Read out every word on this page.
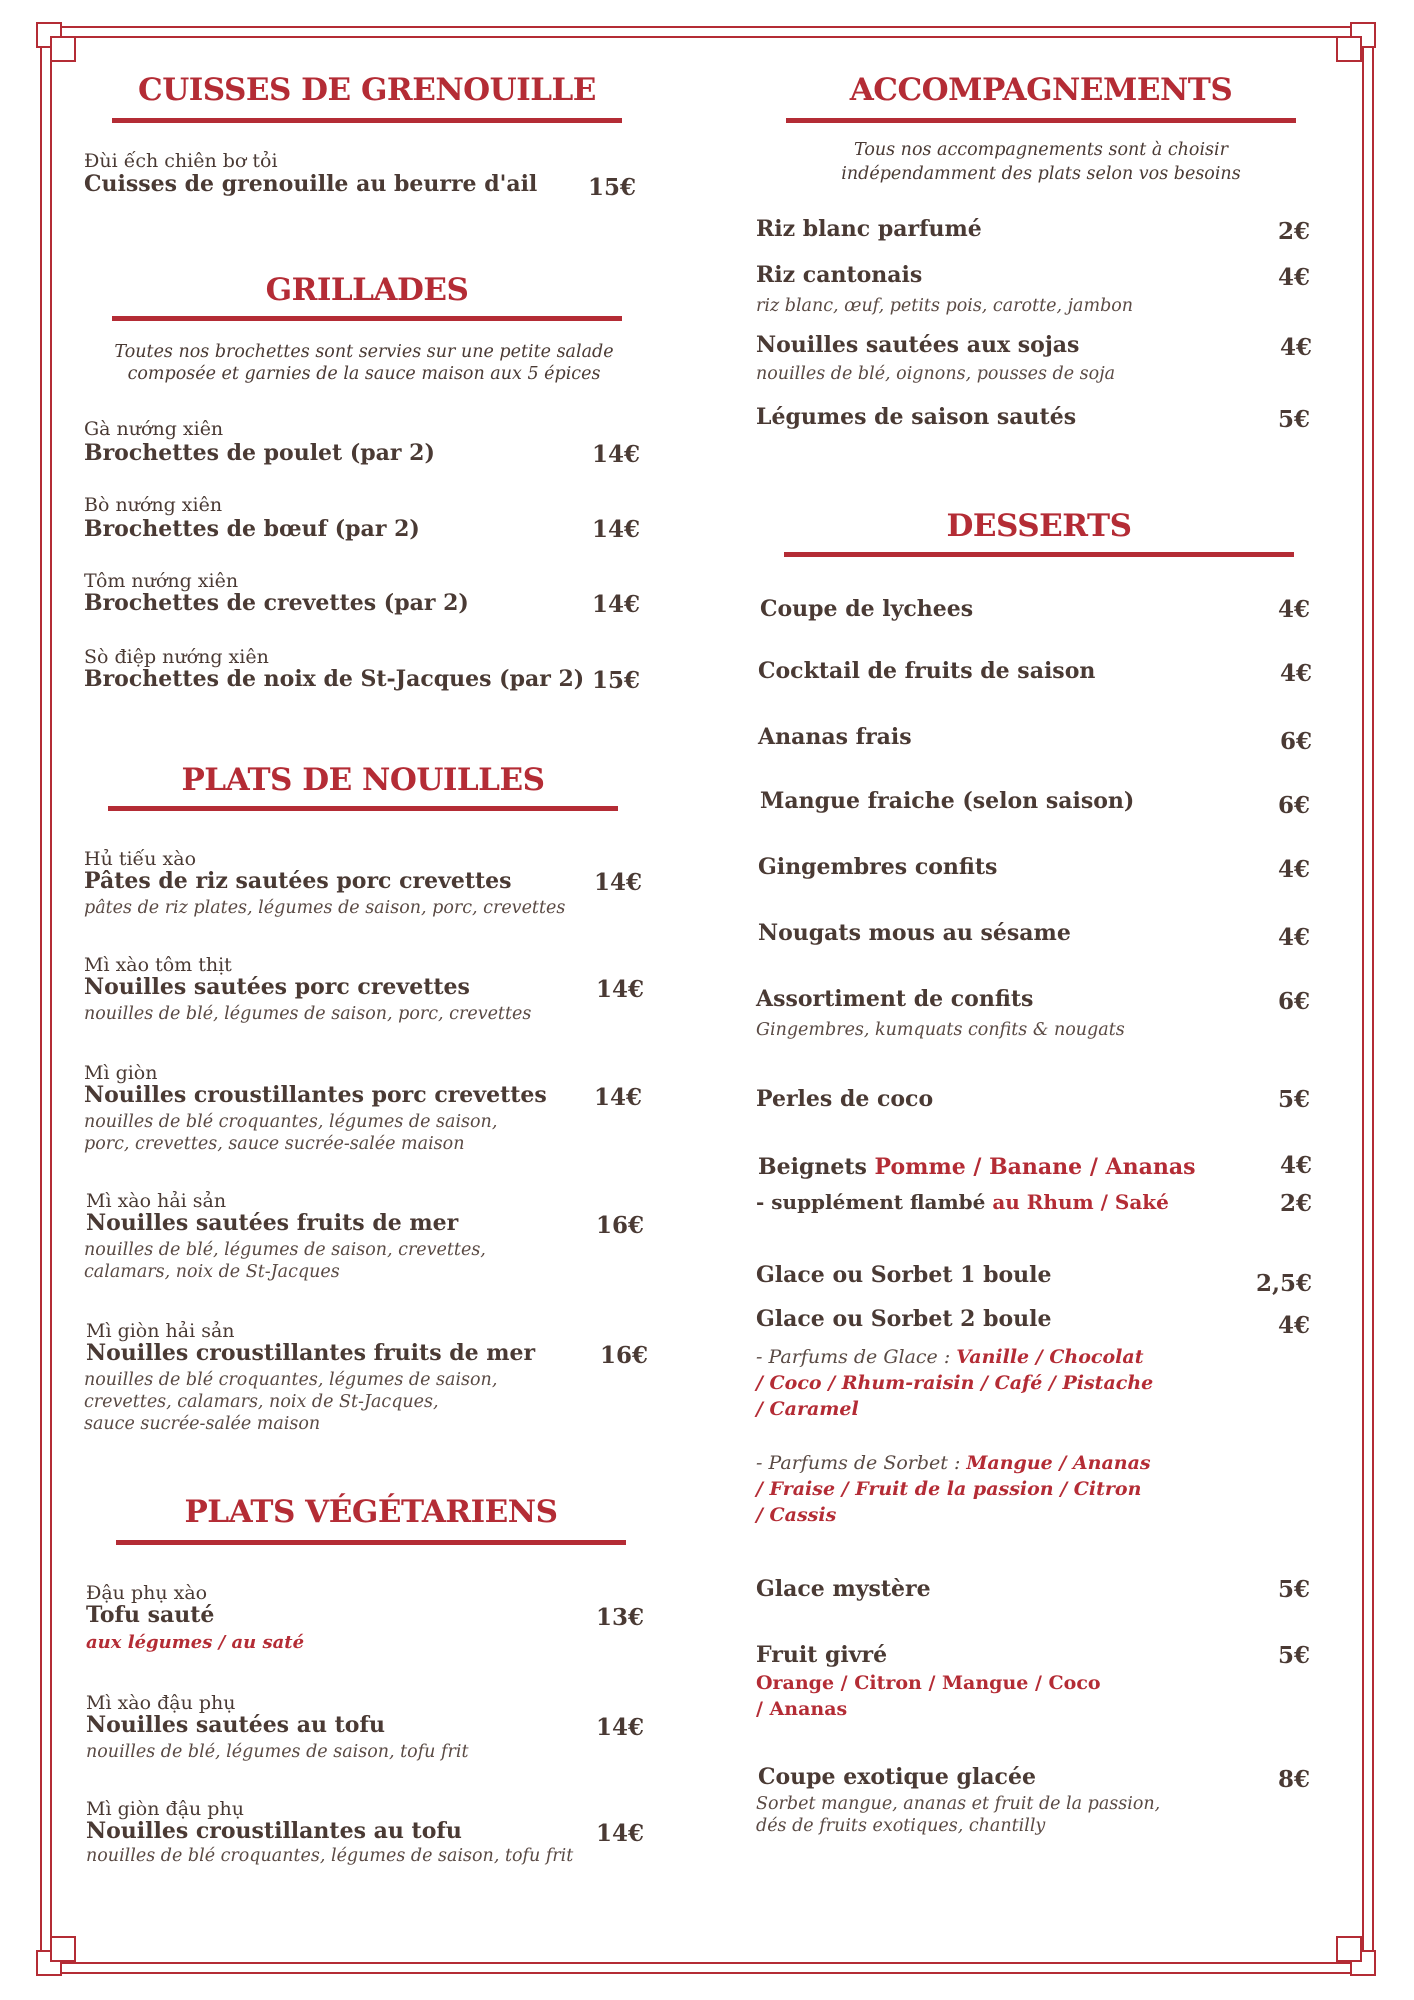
CUISSES DE GRENOUILLE
Đùi ếch chiên bơ tỏi
Cuisses de grenouille au beurre d'ail	15€
GRILLADES
Toutes nos brochettes sont servies sur une petite salade
composée et garnies de la sauce maison aux 5 épices
Gà nướng xiên
Brochettes de poulet (par 2)	14€
Bò nướng xiên
Brochettes de bœuf (par 2)	14€
Tôm nướng xiên
Brochettes de crevettes (par 2)	14€
Sò điệp nướng xiên
Brochettes de noix de St-Jacques (par 2) 15€
PLATS DE NOUILLES
Hủ tiếu xào
Pâtes de riz sautées porc crevettes	14€
pâtes de riz plates, légumes de saison, porc, crevettes
Mì xào tôm thịt
Nouilles sautées porc crevettes	14€
nouilles de blé, légumes de saison, porc, crevettes
Mì giòn
Nouilles croustillantes porc crevettes	14€
nouilles de blé croquantes, légumes de saison,
porc, crevettes, sauce sucrée-salée maison
Mì xào hải sản
Nouilles sautées fruits de mer	16€
nouilles de blé, légumes de saison, crevettes,
calamars, noix de St-Jacques
Mì giòn hải sản
Nouilles croustillantes fruits de mer	16€
nouilles de blé croquantes, légumes de saison,
crevettes, calamars, noix de St-Jacques,
sauce sucrée-salée maison
PLATS VÉGÉTARIENS
Đậu phụ xào
Tofu sauté	13€
aux légumes / au saté
Mì xào đậu phụ
Nouilles sautées au tofu	14€
nouilles de blé, légumes de saison, tofu frit
Mì giòn đậu phụ
Nouilles croustillantes au tofu	14€
nouilles de blé croquantes, légumes de saison, tofu frit
ACCOMPAGNEMENTS
Tous nos accompagnements sont à choisir
indépendamment des plats selon vos besoins
Riz blanc parfumé	2€
Riz cantonais	4€
riz blanc, œuf, petits pois, carotte, jambon
Nouilles sautées aux sojas	4€
nouilles de blé, oignons, pousses de soja
Légumes de saison sautés	5€
DESSERTS
Coupe de lychees	4€
Cocktail de fruits de saison	4€
Ananas frais	6€
Mangue fraiche (selon saison)	6€
Gingembres confits	4€
Nougats mous au sésame	4€
Assortiment de confits	6€
Gingembres, kumquats confits & nougats
Perles de coco	5€
Beignets Pomme / Banane / Ananas	4€
- supplément flambé au Rhum / Saké	2€
Glace ou Sorbet 1 boule	2,5€
Glace ou Sorbet 2 boule	4€
- Parfums de Glace : Vanille / Chocolat
/ Coco / Rhum-raisin / Café / Pistache
/ Caramel
- Parfums de Sorbet : Mangue / Ananas
/ Fraise / Fruit de la passion / Citron
/ Cassis
Glace mystère	5€
Fruit givré	5€
Orange / Citron / Mangue / Coco
/ Ananas
Coupe exotique glacée	8€
Sorbet mangue, ananas et fruit de la passion,
dés de fruits exotiques, chantilly
